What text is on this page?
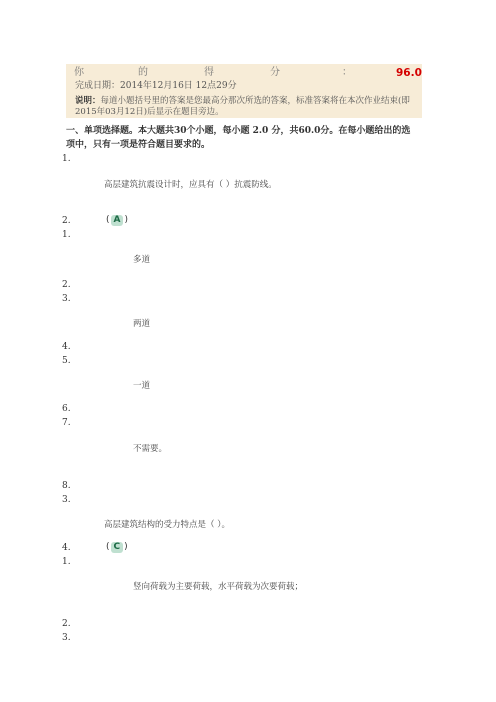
你	的	得	分	：	96.0
完成日期：2014年12月16日 12点29分
说明：每道小题括号里的答案是您最高分那次所选的答案，标准答案将在本次作业结束(即
2015年03月12日)后显示在题目旁边。
一、单项选择题。本大题共30个小题，每小题 2.0 分，共60.0分。在每小题给出的选
项中，只有一项是符合题目要求的。
1.
高层建筑抗震设计时，应具有（ ）抗震防线。
2.	( A )
1.
多道
2.
3.
两道
4.
5.
一道
6.
7.
不需要。
8.
3.
高层建筑结构的受力特点是（ ）。
4.	( C )
1.
竖向荷载为主要荷载，水平荷载为次要荷载；
2.
3.
